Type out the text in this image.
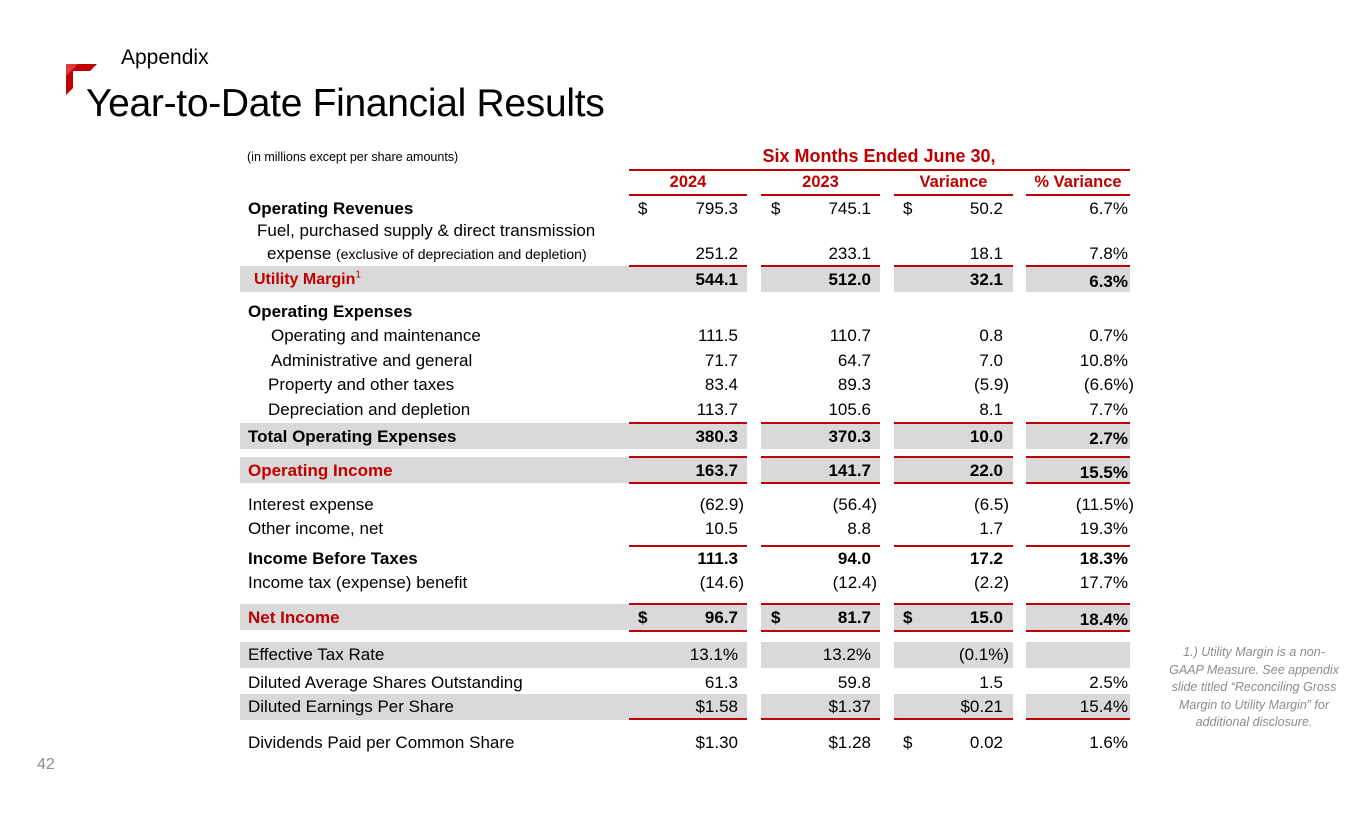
Appendix
Year-to-Date Financial Results
(in millions except per share amounts)	Six Months Ended June 30,
2024	2023	Variance	% Variance
Operating Revenues	$	795.3 $	745.1 $	50.2	6.7%
Fuel, purchased supply & direct transmission
expense (exclusive of depreciation and depletion)	251.2	233.1	18.1	7.8%
Utility Margin$^1$	544.1	512.0	32.1	6.3%
Operating Expenses
Operating and maintenance	111.5	110.7	0.8	0.7%
Administrative and general	71.7	64.7	7.0	10.8%
Property and other taxes	83.4	89.3	(5.9)	(6.6%)
Depreciation and depletion	113.7	105.6	8.1	7.7%
Total Operating Expenses	380.3	370.3	10.0	2.7%
Operating Income	163.7	141.7	22.0	15.5%
Interest expense	(62.9)	(56.4)	(6.5)	(11.5%)
Other income, net	10.5	8.8	1.7	19.3%
Income Before Taxes	111.3	94.0	17.2	18.3%
Income tax (expense) benefit	(14.6)	(12.4)	(2.2)	17.7%
Net Income	$	96.7 $	81.7 $	15.0	18.4%
Effective Tax Rate	13.1%	13.2%	(0.1%)
Diluted Average Shares Outstanding	61.3	59.8	1.5	2.5%
Diluted Earnings Per Share	$1.58	$1.37	$0.21	15.4%
Dividends Paid per Common Share	$1.30	$1.28 $	0.02	1.6%
1.) Utility Margin is a non-GAAP Measure. See appendix slide titled “Reconciling Gross Margin to Utility Margin” for additional disclosure.
42
